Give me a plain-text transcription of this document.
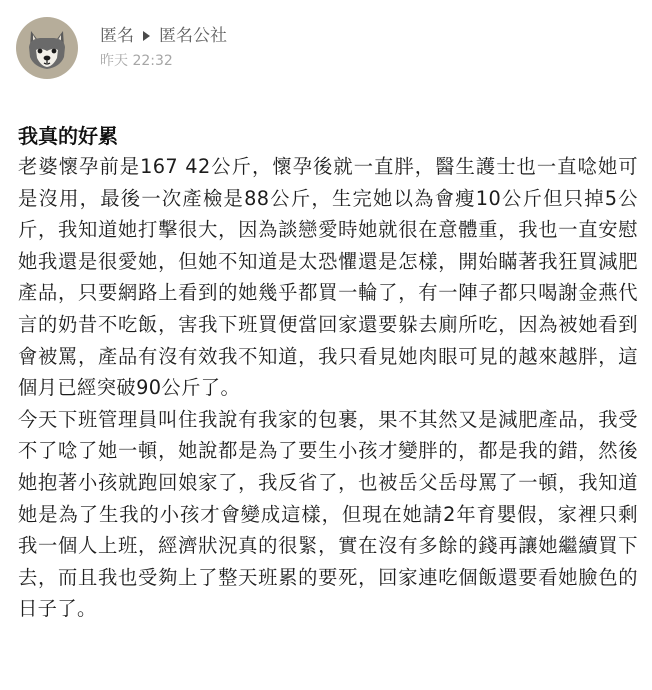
匿名 匿名公社
昨天 22:32
我真的好累

老婆懷孕前是167 42公斤，懷孕後就一直胖，醫生護士也一直唸她可是沒用，最後一次產檢是88公斤，生完她以為會瘦10公斤但只掉5公斤，我知道她打擊很大，因為談戀愛時她就很在意體重，我也一直安慰她我還是很愛她，但她不知道是太恐懼還是怎樣，開始瞞著我狂買減肥產品，只要網路上看到的她幾乎都買一輪了，有一陣子都只喝謝金燕代言的奶昔不吃飯，害我下班買便當回家還要躲去廁所吃，因為被她看到會被罵，產品有沒有效我不知道，我只看見她肉眼可見的越來越胖，這個月已經突破90公斤了。

今天下班管理員叫住我說有我家的包裹，果不其然又是減肥產品，我受不了唸了她一頓，她說都是為了要生小孩才變胖的，都是我的錯，然後她抱著小孩就跑回娘家了，我反省了，也被岳父岳母罵了一頓，我知道她是為了生我的小孩才會變成這樣，但現在她請2年育嬰假，家裡只剩我一個人上班，經濟狀況真的很緊，實在沒有多餘的錢再讓她繼續買下去，而且我也受夠上了整天班累的要死，回家連吃個飯還要看她臉色的日子了。
